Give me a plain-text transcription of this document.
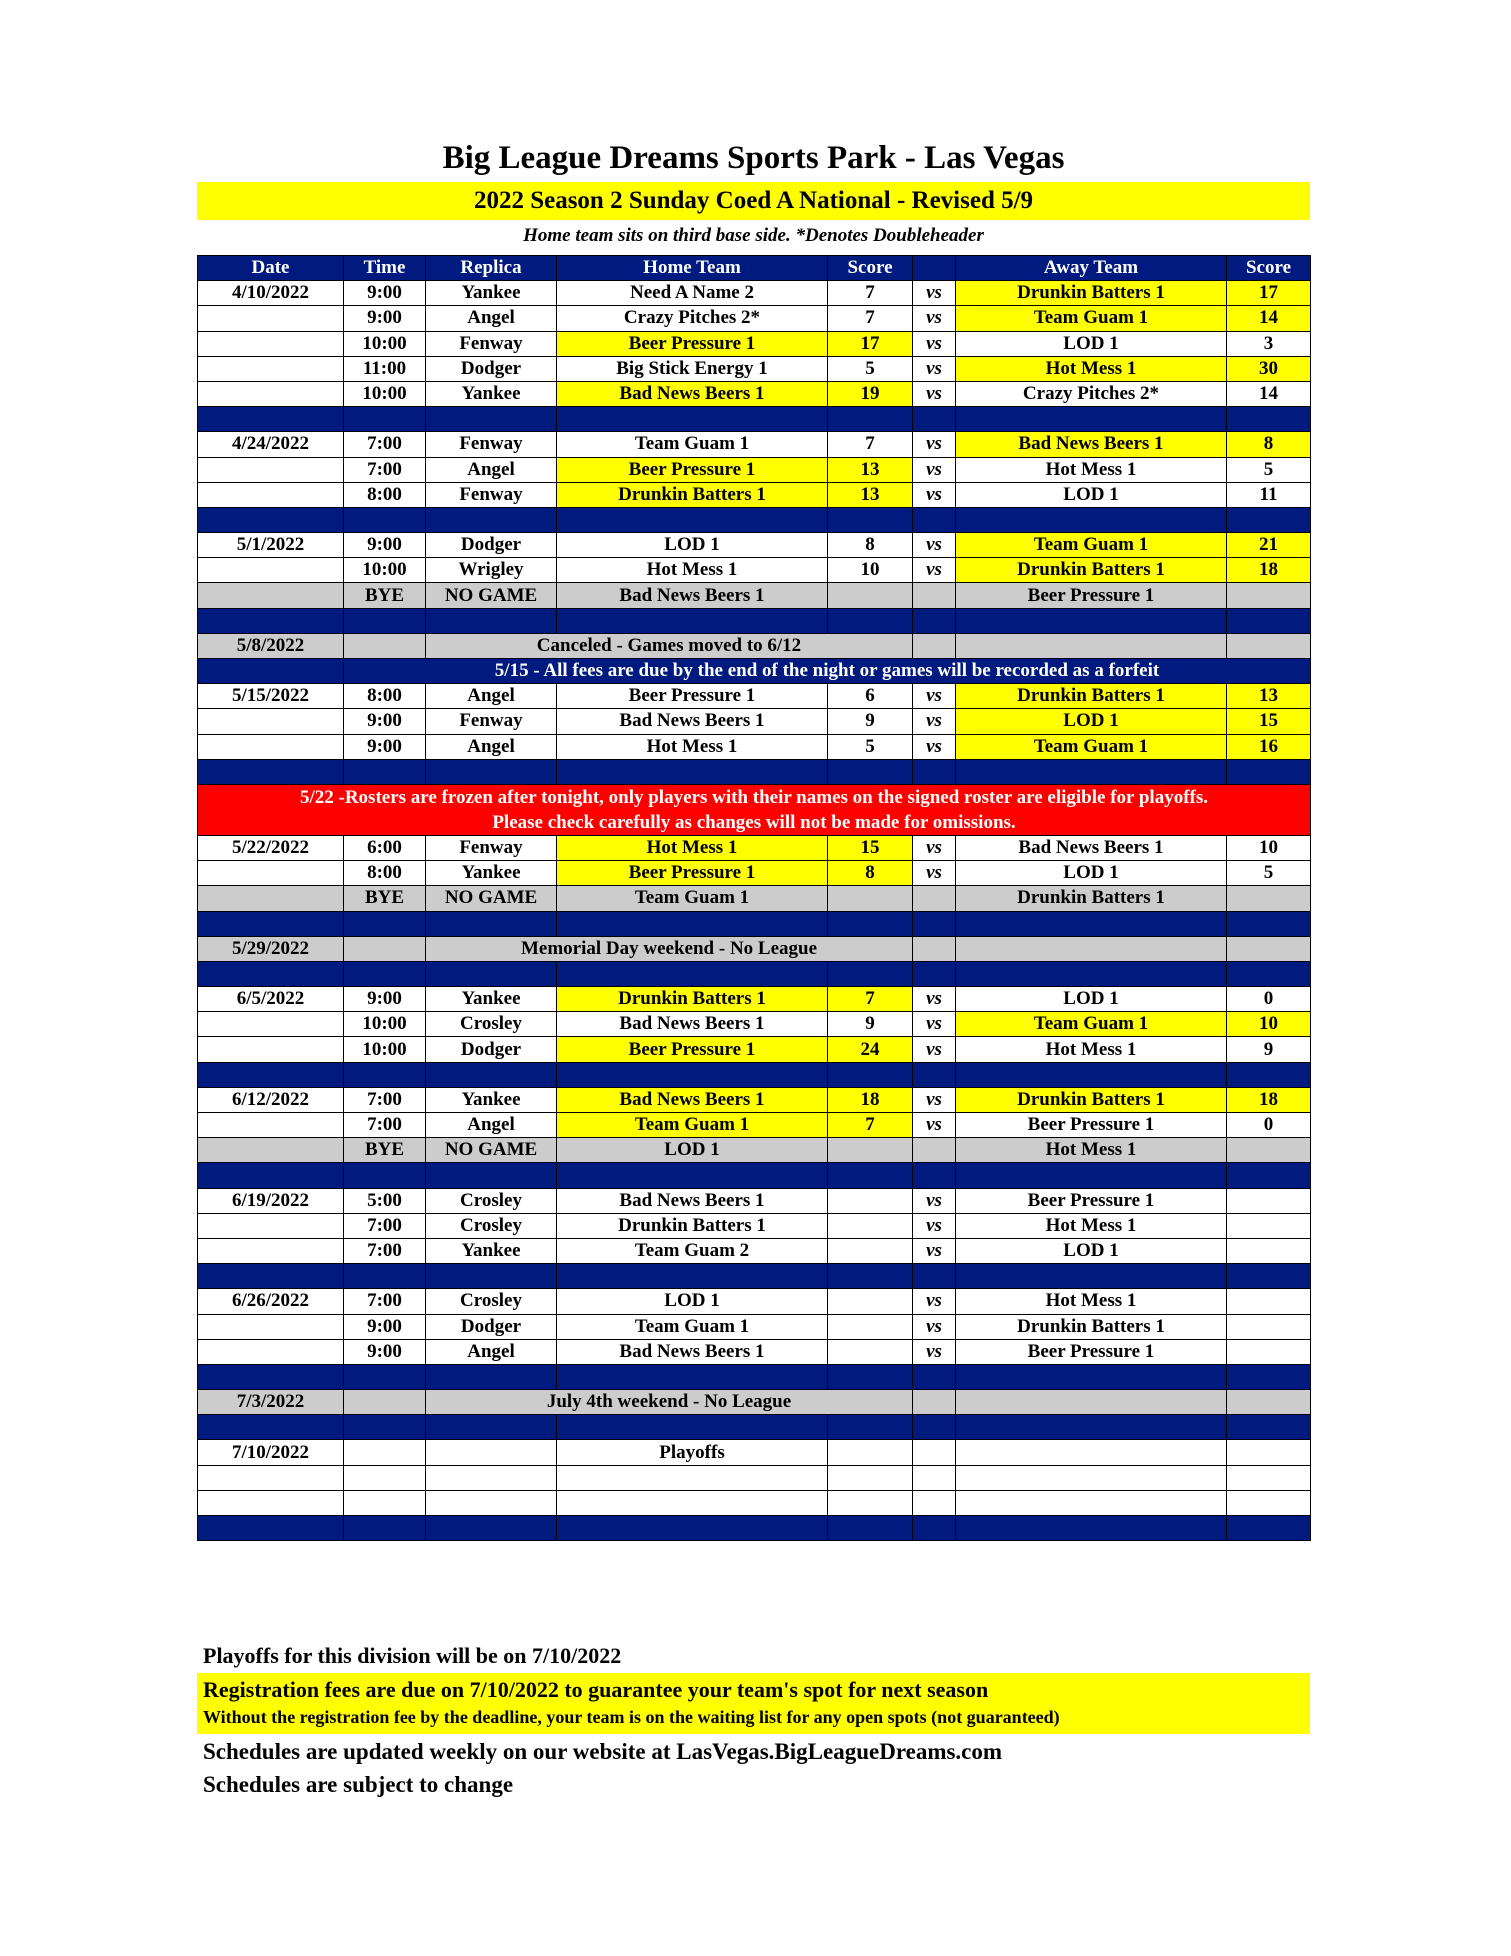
Big League Dreams Sports Park - Las Vegas
2022 Season 2 Sunday Coed A National - Revised 5/9
Home team sits on third base side. *Denotes Doubleheader
Date	Time	Replica	Home Team	Score		Away Team	Score
4/10/2022	9:00	Yankee	Need A Name 2	7	vs	Drunkin Batters 1	17
	9:00	Angel	Crazy Pitches 2*	7	vs	Team Guam 1	14
	10:00	Fenway	Beer Pressure 1	17	vs	LOD 1	3
	11:00	Dodger	Big Stick Energy 1	5	vs	Hot Mess 1	30
	10:00	Yankee	Bad News Beers 1	19	vs	Crazy Pitches 2*	14

4/24/2022	7:00	Fenway	Team Guam 1	7	vs	Bad News Beers 1	8
	7:00	Angel	Beer Pressure 1	13	vs	Hot Mess 1	5
	8:00	Fenway	Drunkin Batters 1	13	vs	LOD 1	11

5/1/2022	9:00	Dodger	LOD 1	8	vs	Team Guam 1	21
	10:00	Wrigley	Hot Mess 1	10	vs	Drunkin Batters 1	18
	BYE	NO GAME	Bad News Beers 1			Beer Pressure 1	

5/8/2022		Canceled - Games moved to 6/12					
	5/15 - All fees are due by the end of the night or games will be recorded as a forfeit						
5/15/2022	8:00	Angel	Beer Pressure 1	6	vs	Drunkin Batters 1	13
	9:00	Fenway	Bad News Beers 1	9	vs	LOD 1	15
	9:00	Angel	Hot Mess 1	5	vs	Team Guam 1	16

5/22 -Rosters are frozen after tonight, only players with their names on the signed roster are eligible for playoffs.
Please check carefully as changes will not be made for omissions.							

5/22/2022	6:00	Fenway	Hot Mess 1	15	vs	Bad News Beers 1	10
	8:00	Yankee	Beer Pressure 1	8	vs	LOD 1	5
	BYE	NO GAME	Team Guam 1			Drunkin Batters 1	

5/29/2022		Memorial Day weekend - No League					

6/5/2022	9:00	Yankee	Drunkin Batters 1	7	vs	LOD 1	0
	10:00	Crosley	Bad News Beers 1	9	vs	Team Guam 1	10
	10:00	Dodger	Beer Pressure 1	24	vs	Hot Mess 1	9

6/12/2022	7:00	Yankee	Bad News Beers 1	18	vs	Drunkin Batters 1	18
	7:00	Angel	Team Guam 1	7	vs	Beer Pressure 1	0
	BYE	NO GAME	LOD 1			Hot Mess 1	

6/19/2022	5:00	Crosley	Bad News Beers 1		vs	Beer Pressure 1	
	7:00	Crosley	Drunkin Batters 1		vs	Hot Mess 1	
	7:00	Yankee	Team Guam 2		vs	LOD 1	

6/26/2022	7:00	Crosley	LOD 1		vs	Hot Mess 1	
	9:00	Dodger	Team Guam 1		vs	Drunkin Batters 1	
	9:00	Angel	Bad News Beers 1		vs	Beer Pressure 1	

7/3/2022		July 4th weekend - No League					

7/10/2022			Playoffs				

Playoffs for this division will be on 7/10/2022
Registration fees are due on 7/10/2022 to guarantee your team's spot for next season
Without the registration fee by the deadline, your team is on the waiting list for any open spots (not guaranteed)
Schedules are updated weekly on our website at LasVegas.BigLeagueDreams.com
Schedules are subject to change
